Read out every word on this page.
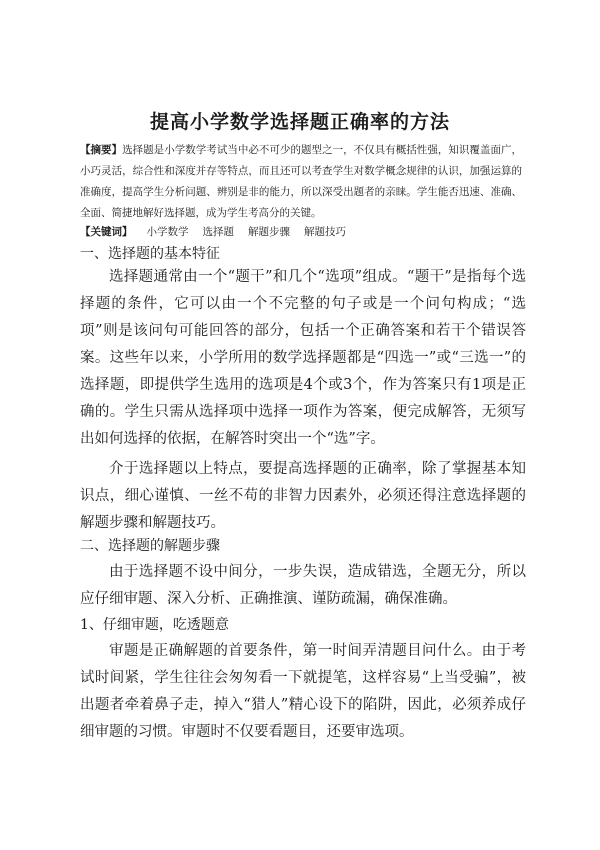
提高小学数学选择题正确率的方法

【摘要】选择题是小学数学考试当中必不可少的题型之一，不仅具有概括性强，知识覆盖面广，小巧灵活，综合性和深度并存等特点，而且还可以考查学生对数学概念规律的认识，加强运算的准确度，提高学生分析问题、辨别是非的能力，所以深受出题者的亲睐。学生能否迅速、准确、全面、简捷地解好选择题，成为学生考高分的关键。

【关键词】 小学数学 选择题 解题步骤 解题技巧

一、选择题的基本特征

选择题通常由一个“题干”和几个“选项”组成。“题干”是指每个选择题的条件，它可以由一个不完整的句子或是一个问句构成；“选项”则是该问句可能回答的部分，包括一个正确答案和若干个错误答案。这些年以来，小学所用的数学选择题都是“四选一”或“三选一”的选择题，即提供学生选用的选项是4个或3个，作为答案只有1项是正确的。学生只需从选择项中选择一项作为答案，便完成解答，无须写出如何选择的依据，在解答时突出一个“选”字。

介于选择题以上特点，要提高选择题的正确率，除了掌握基本知识点，细心谨慎、一丝不苟的非智力因素外，必须还得注意选择题的解题步骤和解题技巧。

二、选择题的解题步骤

由于选择题不设中间分，一步失误，造成错选，全题无分，所以应仔细审题、深入分析、正确推演、谨防疏漏，确保准确。

1、仔细审题，吃透题意

审题是正确解题的首要条件，第一时间弄清题目问什么。由于考试时间紧，学生往往会匆匆看一下就提笔，这样容易“上当受骗”，被出题者牵着鼻子走，掉入“猎人”精心设下的陷阱，因此，必须养成仔细审题的习惯。审题时不仅要看题目，还要审选项。
